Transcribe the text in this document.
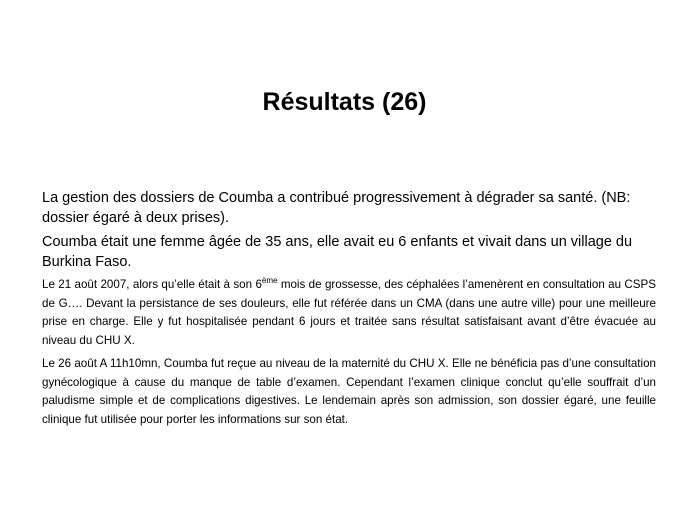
Résultats (26)

La gestion des dossiers de Coumba a contribué progressivement à dégrader sa santé. (NB: dossier égaré à deux prises).

Coumba était une femme âgée de 35 ans, elle avait eu 6 enfants et vivait dans un village du Burkina Faso.

Le 21 août 2007, alors qu’elle était à son 6ème mois de grossesse, des céphalées l’amenèrent en consultation au CSPS de G…. Devant la persistance de ses douleurs, elle fut référée dans un CMA (dans une autre ville) pour une meilleure prise en charge. Elle y fut hospitalisée pendant 6 jours et traitée sans résultat satisfaisant avant d’être évacuée au niveau du CHU X.

Le 26 août A 11h10mn, Coumba fut reçue au niveau de la maternité du CHU X. Elle ne bénéficia pas d’une consultation gynécologique à cause du manque de table d’examen. Cependant l’examen clinique conclut qu’elle souffrait d’un paludisme simple et de complications digestives. Le lendemain après son admission, son dossier égaré, une feuille clinique fut utilisée pour porter les informations sur son état.
